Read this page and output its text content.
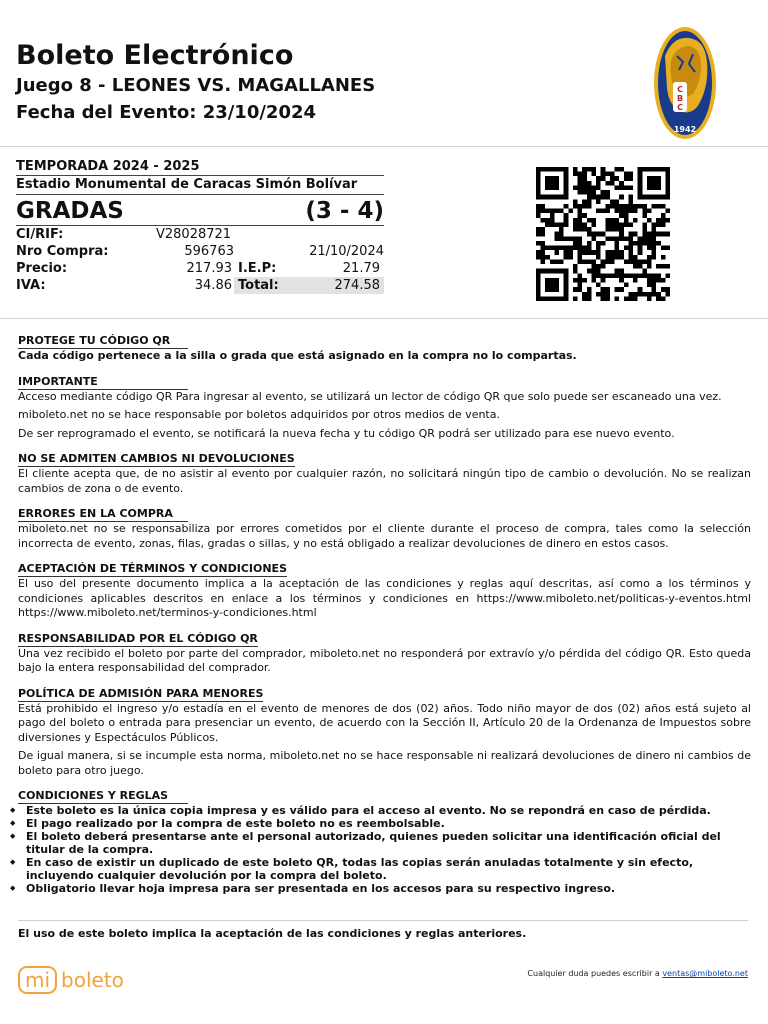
Boleto Electrónico
Juego 8 - LEONES VS. MAGALLANES
Fecha del Evento: 23/10/2024
C
B
C
1942
TEMPORADA 2024 - 2025
Estadio Monumental de Caracas Simón Bolívar
GRADAS	(3 - 4)
CI/RIF:	V28028721
Nro Compra:	596763	21/10/2024
Precio:	217.93 I.E.P:	21.79
IVA:	34.86 Total:	274.58
PROTEGE TU CÓDIGO QR

Cada código pertenece a la silla o grada que está asignado en la compra no lo compartas.

IMPORTANTE

Acceso mediante código QR Para ingresar al evento, se utilizará un lector de código QR que solo puede ser escaneado una vez.

miboleto.net no se hace responsable por boletos adquiridos por otros medios de venta.

De ser reprogramado el evento, se notificará la nueva fecha y tu código QR podrá ser utilizado para ese nuevo evento.

NO SE ADMITEN CAMBIOS NI DEVOLUCIONES

El cliente acepta que, de no asistir al evento por cualquier razón, no solicitará ningún tipo de cambio o devolución. No se realizan cambios de zona o de evento.

ERRORES EN LA COMPRA

miboleto.net no se responsabiliza por errores cometidos por el cliente durante el proceso de compra, tales como la selección incorrecta de evento, zonas, filas, gradas o sillas, y no está obligado a realizar devoluciones de dinero en estos casos.

ACEPTACIÓN DE TÉRMINOS Y CONDICIONES

El uso del presente documento implica a la aceptación de las condiciones y reglas aquí descritas, así como a los términos y condiciones aplicables descritos en enlace a los términos y condiciones en https://www.miboleto.net/politicas-y-eventos.html https://www.miboleto.net/terminos-y-condiciones.html

RESPONSABILIDAD POR EL CÓDIGO QR

Una vez recibido el boleto por parte del comprador, miboleto.net no responderá por extravío y/o pérdida del código QR. Esto queda bajo la entera responsabilidad del comprador.

POLÍTICA DE ADMISIÓN PARA MENORES

Está prohibido el ingreso y/o estadía en el evento de menores de dos (02) años. Todo niño mayor de dos (02) años está sujeto al pago del boleto o entrada para presenciar un evento, de acuerdo con la Sección II, Artículo 20 de la Ordenanza de Impuestos sobre diversiones y Espectáculos Públicos.

De igual manera, si se incumple esta norma, miboleto.net no se hace responsable ni realizará devoluciones de dinero ni cambios de boleto para otro juego.

CONDICIONES Y REGLAS
◆ Este boleto es la única copia impresa y es válido para el acceso al evento. No se repondrá en caso de pérdida.
◆ El pago realizado por la compra de este boleto no es reembolsable.
◆ El boleto deberá presentarse ante el personal autorizado, quienes pueden solicitar una identificación oficial del titular de la compra.
◆ En caso de existir un duplicado de este boleto QR, todas las copias serán anuladas totalmente y sin efecto, incluyendo cualquier devolución por la compra del boleto.
◆ Obligatorio llevar hoja impresa para ser presentada en los accesos para su respectivo ingreso.
El uso de este boleto implica la aceptación de las condiciones y reglas anteriores.
mi boleto	Cualquier duda puedes escribir a ventas@miboleto.net
